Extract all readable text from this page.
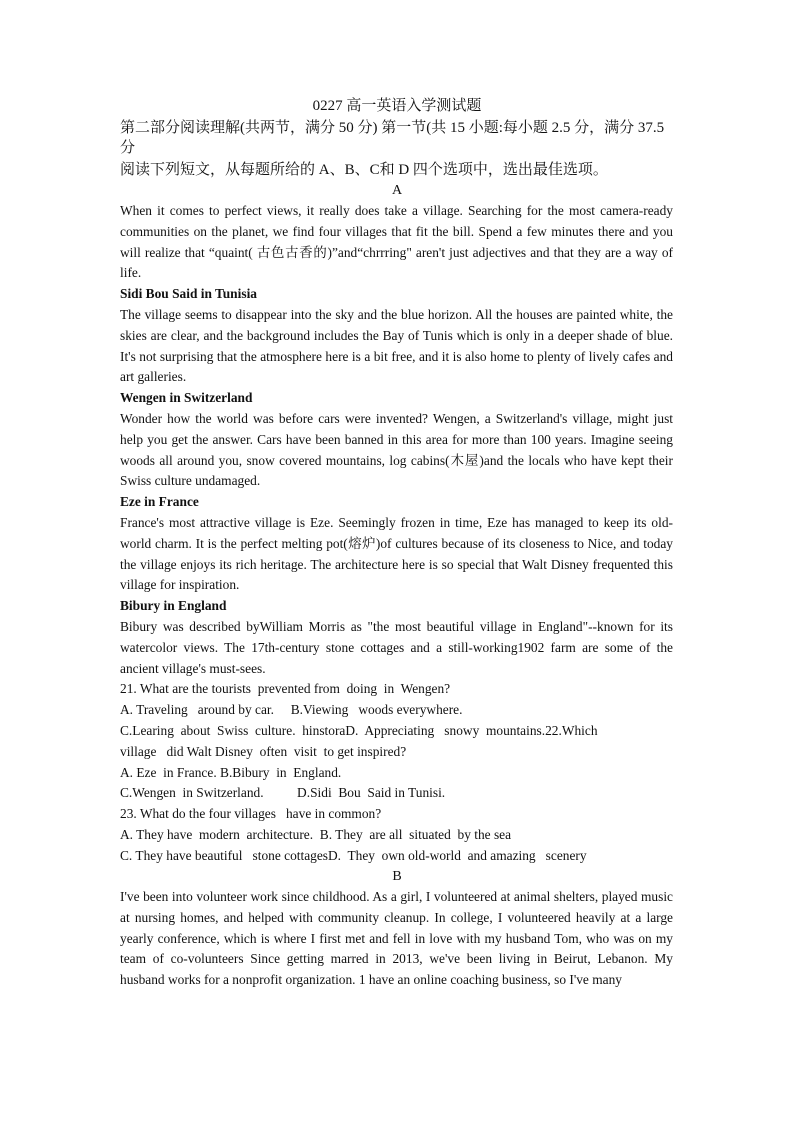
0227 高一英语入学测试题
第二部分阅读理解(共两节，满分 50 分) 第一节(共 15 小题:每小题 2.5 分，满分 37.5 分
阅读下列短文，从每题所给的 A、B、C和 D 四个选项中，选出最佳选项。
A

When it comes to perfect views, it really does take a village. Searching for the most camera-ready communities on the planet, we find four villages that fit the bill. Spend a few minutes there and you will realize that “quaint( 古色古香的)”and“chrrring" aren't just adjectives and that they are a way of life.

Sidi Bou Said in Tunisia

The village seems to disappear into the sky and the blue horizon. All the houses are painted white, the skies are clear, and the background includes the Bay of Tunis which is only in a deeper shade of blue. It's not surprising that the atmosphere here is a bit free, and it is also home to plenty of lively cafes and art galleries.

Wengen in Switzerland

Wonder how the world was before cars were invented? Wengen, a Switzerland's village, might just help you get the answer. Cars have been banned in this area for more than 100 years. Imagine seeing woods all around you, snow covered mountains, log cabins(木屋)and the locals who have kept their Swiss culture undamaged.

Eze in France

France's most attractive village is Eze. Seemingly frozen in time, Eze has managed to keep its old-world charm. It is the perfect melting pot(熔炉)of cultures because of its closeness to Nice, and today the village enjoys its rich heritage. The architecture here is so special that Walt Disney frequented this village for inspiration.

Bibury in England

Bibury was described byWilliam Morris as "the most beautiful village in England"--known for its watercolor views. The 17th-century stone cottages and a still-working1902 farm are some of the ancient village's must-sees.

21. What are the tourists  prevented from  doing  in  Wengen?

A. Traveling   around by car.     B.Viewing   woods everywhere.

C.Learing  about  Swiss  culture.  hinstoraD.  Appreciating   snowy  mountains.22.Which

village   did Walt Disney  often  visit  to get inspired?

A. Eze  in France. B.Bibury  in  England.

C.Wengen  in Switzerland.          D.Sidi  Bou  Said in Tunisi.

23. What do the four villages   have in common?

A. They have  modern  architecture.  B. They  are all  situated  by the sea

C. They have beautiful   stone cottagesD.  They  own old-world  and amazing   scenery

B

I've been into volunteer work since childhood. As a girl, I volunteered at animal shelters, played music at nursing homes, and helped with community cleanup. In college, I volunteered heavily at a large yearly conference, which is where I first met and fell in love with my husband Tom, who was on my team of co-volunteers Since getting marred in 2013, we've been living in Beirut, Lebanon. My husband works for a nonprofit organization. 1 have an online coaching business, so I've many
